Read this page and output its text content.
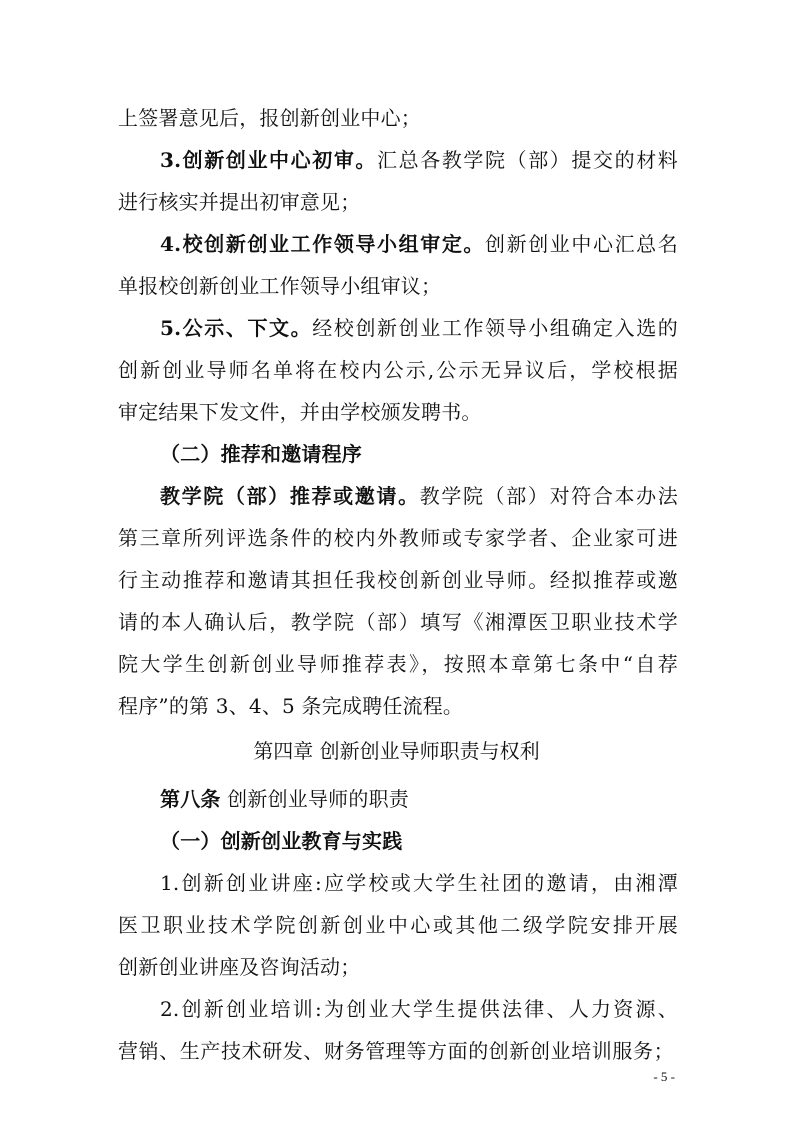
上签署意见后，报创新创业中心；
3.创新创业中心初审。汇总各教学院（部）提交的材料
进行核实并提出初审意见；
4.校创新创业工作领导小组审定。创新创业中心汇总名
单报校创新创业工作领导小组审议；
5.公示、下文。经校创新创业工作领导小组确定入选的
创新创业导师名单将在校内公示,公示无异议后，学校根据
审定结果下发文件，并由学校颁发聘书。
（二）推荐和邀请程序
教学院（部）推荐或邀请。教学院（部）对符合本办法
第三章所列评选条件的校内外教师或专家学者、企业家可进
行主动推荐和邀请其担任我校创新创业导师。经拟推荐或邀
请的本人确认后，教学院（部）填写《湘潭医卫职业技术学
院大学生创新创业导师推荐表》，按照本章第七条中“自荐
程序”的第 3、4、5 条完成聘任流程。
第四章 创新创业导师职责与权利
第八条 创新创业导师的职责
（一）创新创业教育与实践
1.创新创业讲座:应学校或大学生社团的邀请，由湘潭
医卫职业技术学院创新创业中心或其他二级学院安排开展
创新创业讲座及咨询活动；
2.创新创业培训:为创业大学生提供法律、人力资源、
营销、生产技术研发、财务管理等方面的创新创业培训服务；
- 5 -
